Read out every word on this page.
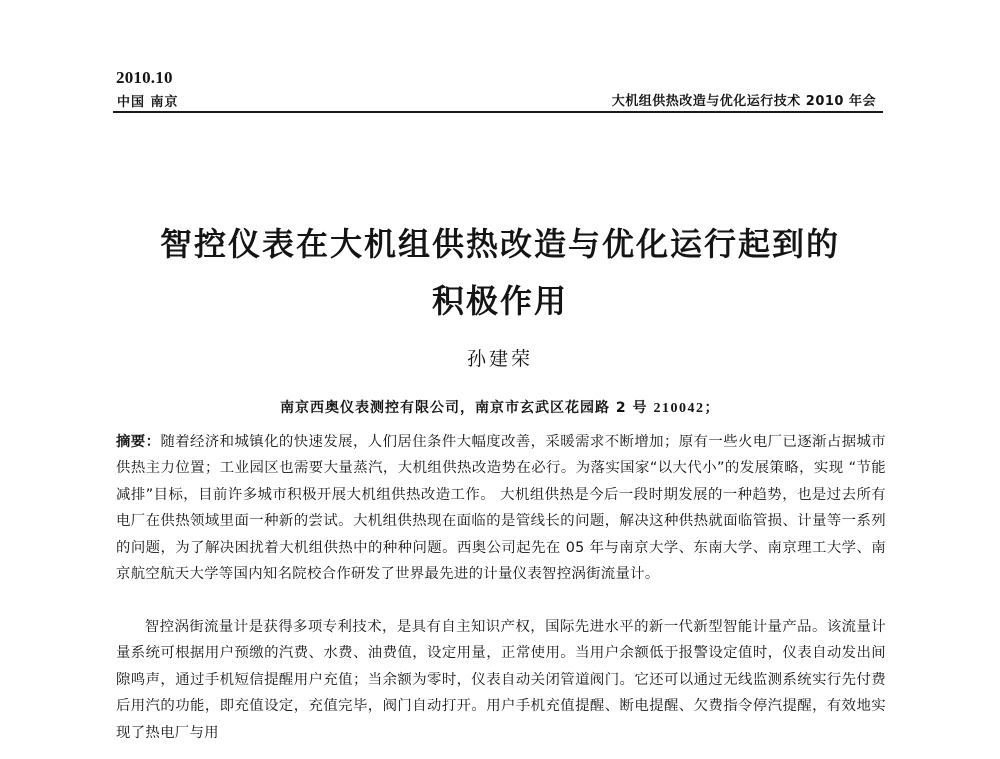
2010.10
中国 南京	大机组供热改造与优化运行技术 2010 年会
智控仪表在大机组供热改造与优化运行起到的
积极作用
孙建荣
南京西奥仪表测控有限公司，南京市玄武区花园路 2 号 210042；
摘要：随着经济和城镇化的快速发展，人们居住条件大幅度改善，采暖需求不断增加；原有一些火电厂已逐渐占据城市供热主力位置；工业园区也需要大量蒸汽，大机组供热改造势在必行。为落实国家“以大代小”的发展策略，实现 “节能减排”目标，目前许多城市积极开展大机组供热改造工作。 大机组供热是今后一段时期发展的一种趋势，也是过去所有电厂在供热领域里面一种新的尝试。大机组供热现在面临的是管线长的问题，解决这种供热就面临管损、计量等一系列的问题，为了解决困扰着大机组供热中的种种问题。西奥公司起先在 05 年与南京大学、东南大学、南京理工大学、南京航空航天大学等国内知名院校合作研发了世界最先进的计量仪表智控涡街流量计。
智控涡街流量计是获得多项专利技术，是具有自主知识产权，国际先进水平的新一代新型智能计量产品。该流量计量系统可根据用户预缴的汽费、水费、油费值，设定用量，正常使用。当用户余额低于报警设定值时，仪表自动发出间隙鸣声，通过手机短信提醒用户充值；当余额为零时，仪表自动关闭管道阀门。它还可以通过无线监测系统实行先付费后用汽的功能，即充值设定，充值完毕，阀门自动打开。用户手机充值提醒、断电提醒、欠费指令停汽提醒，有效地实现了热电厂与用
